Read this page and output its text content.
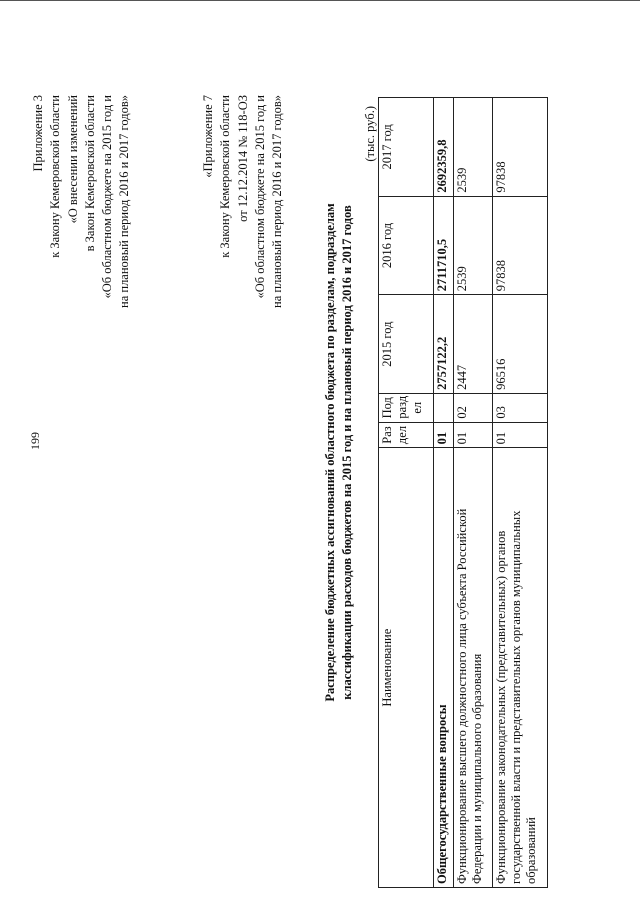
199
Приложение 3 к Закону Кемеровской области «О внесении изменений в Закон Кемеровской области «Об областном бюджете на 2015 год и на плановый период 2016 и 2017 годов»	«Приложение 7 к Закону Кемеровской области от 12.12.2014 № 118-ОЗ «Об областном бюджете на 2015 год и на плановый период 2016 и 2017 годов»
Распределение бюджетных ассигнований областного бюджета по разделам, подразделам классификации расходов бюджетов на 2015 год и на плановый период 2016 и 2017 годов
(тыс. руб.)
Наименование	Раз дел	Под разд ел	2015 год	2016 год	2017 год
Общегосударственные вопросы	01		2757122,2	2711710,5	2692359,8
Функционирование высшего должностного лица субъекта Российской Федерации и муниципального образования	01	02	2447	2539	2539
Функционирование законодательных (представительных) органов государственной власти и представительных органов муниципальных образований	01	03	96516	97838	97838
